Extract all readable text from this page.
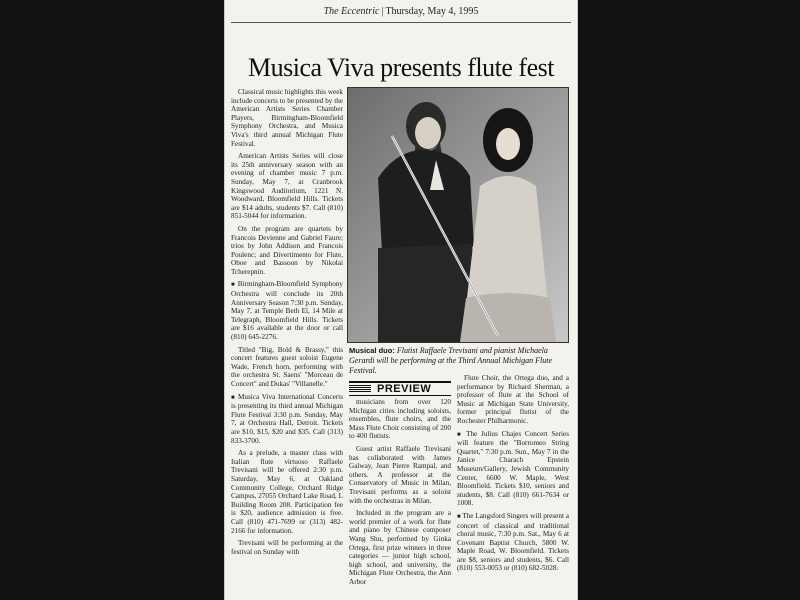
The Eccentric | Thursday, May 4, 1995
Musica Viva presents flute fest

Classical music highlights this week include concerts to be presented by the American Artists Series Chamber Players, Birmingham-Bloomfield Symphony Orchestra, and Musica Viva's third annual Michigan Flute Festival.

American Artists Series will close its 25th anniversary season with an evening of chamber music 7 p.m. Sunday, May 7, at Cranbrook Kingswood Auditorium, 1221 N. Woodward, Bloomfield Hills. Tickets are $14 adults, students $7. Call (810) 851-5044 for information.

On the program are quartets by Francois Devienne and Gabriel Faure; trios by John Addison and Francois Poulenc; and Divertimento for Flute, Oboe and Bassoon by Nikolai Tcherepnin.

■ Birmingham-Bloomfield Symphony Orchestra will conclude its 20th Anniversary Season 7:30 p.m. Sunday, May 7, at Temple Beth El, 14 Mile at Telegraph, Bloomfield Hills. Tickets are $16 available at the door or call (810) 645-2276.

Titled "Big, Bold & Brassy," this concert features guest soloist Eugene Wade, French horn, performing with the orchestra St. Saens' "Morceau de Concert" and Dukas' "Villanelle."

■ Musica Viva International Concerts is presenting its third annual Michigan Flute Festival 3:30 p.m. Sunday, May 7, at Orchestra Hall, Detroit. Tickets are $10, $15, $20 and $35. Call (313) 833-3700.

As a prelude, a master class with Italian flute virtuoso Raffaele Trevisani will be offered 2:30 p.m. Saturday, May 6, at Oakland Community College, Orchard Ridge Campus, 27055 Orchard Lake Road, L Building Room 208. Participation fee is $20, audience admission is free. Call (810) 471-7699 or (313) 482-2166 for information.

Trevisani will be performing at the festival on Sunday with

Musical duo: Flutist Raffaele Trevisani and pianist Michaela Gerardi will be performing at the Third Annual Michigan Flute Festival.
PREVIEW

musicians from over 120 Michigan cities including soloists, ensembles, flute choirs, and the Mass Flute Choir consisting of 200 to 400 flutists.

Guest artist Raffaele Trevisani has collaborated with James Galway, Jean Pierre Rampal, and others. A professor at the Conservatory of Music in Milan, Trevisani performs as a soloist with the orchestras in Milan.

Included in the program are a world premier of a work for flute and piano by Chinese composer Wang Shu, performed by Ginka Ortega, first prize winners in three categories — junior high school, high school, and university, the Michigan Flute Orchestra, the Ann Arbor

Flute Choir, the Ortega duo, and a performance by Richard Sherman, a professor of flute at the School of Music at Michigan State University, former principal flutist of the Rochester Philharmonic.

■ The Julius Chajes Concert Series will feature the "Borromeo String Quartet," 7:30 p.m. Sun., May 7 in the Janice Charach Epstein Museum/Gallery, Jewish Community Center, 6600 W. Maple, West Bloomfield. Tickets $10, seniors and students, $8. Call (810) 661-7634 or 1008.

■ The Langsford Singers will present a concert of classical and traditional choral music, 7:30 p.m. Sat., May 6 at Covenant Baptist Church, 5800 W. Maple Road, W. Bloomfield. Tickets are $8, seniors and students, $6. Call (810) 553-0053 or (810) 682-5028.
